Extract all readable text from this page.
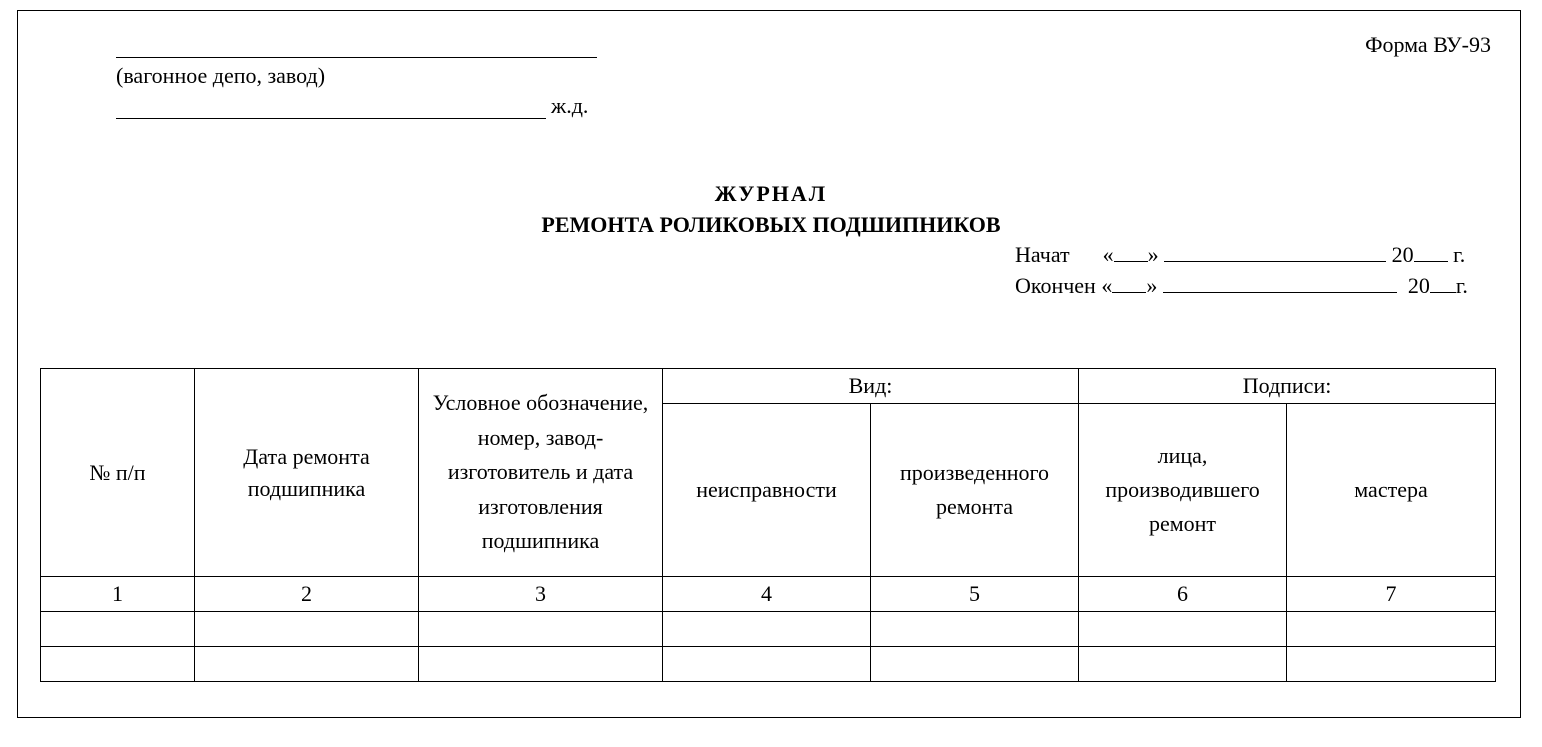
Форма ВУ-93
(вагонное депо, завод)
ж.д.
ЖУРНАЛ
РЕМОНТА РОЛИКОВЫХ ПОДШИПНИКОВ
Начат « »	20 г.
Окончен « »	20 г.
№ п/п	Дата ремонта подшипника	Условное обозначение, номер, завод-изготовитель и дата изготовления подшипника	Вид:		Подписи:	
			неисправности	произведенного ремонта	лица, производившего ремонт	мастера
1	2	3	4	5	6	7
